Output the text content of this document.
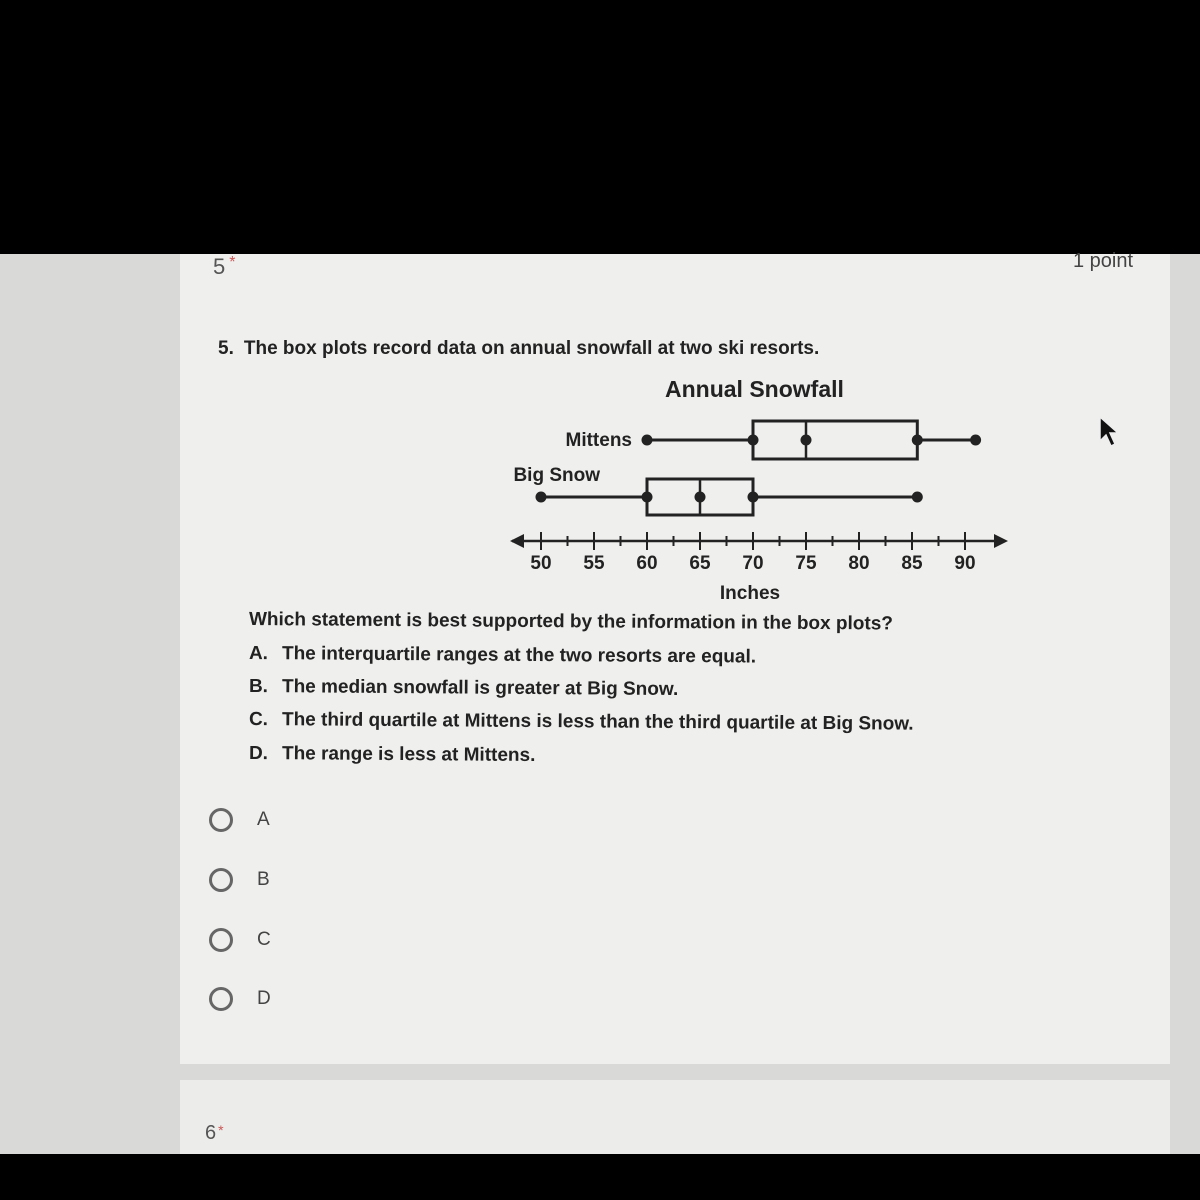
5 *	1 point
6 *
5. The box plots record data on annual snowfall at two ski resorts.
Annual Snowfall
Mittens
Big Snow
50 55 60 65 70 75 80 85 90
Inches
Which statement is best supported by the information in the box plots?
A. The interquartile ranges at the two resorts are equal.
B. The median snowfall is greater at Big Snow.
C. The third quartile at Mittens is less than the third quartile at Big Snow.
D. The range is less at Mittens.
A
B
C
D
